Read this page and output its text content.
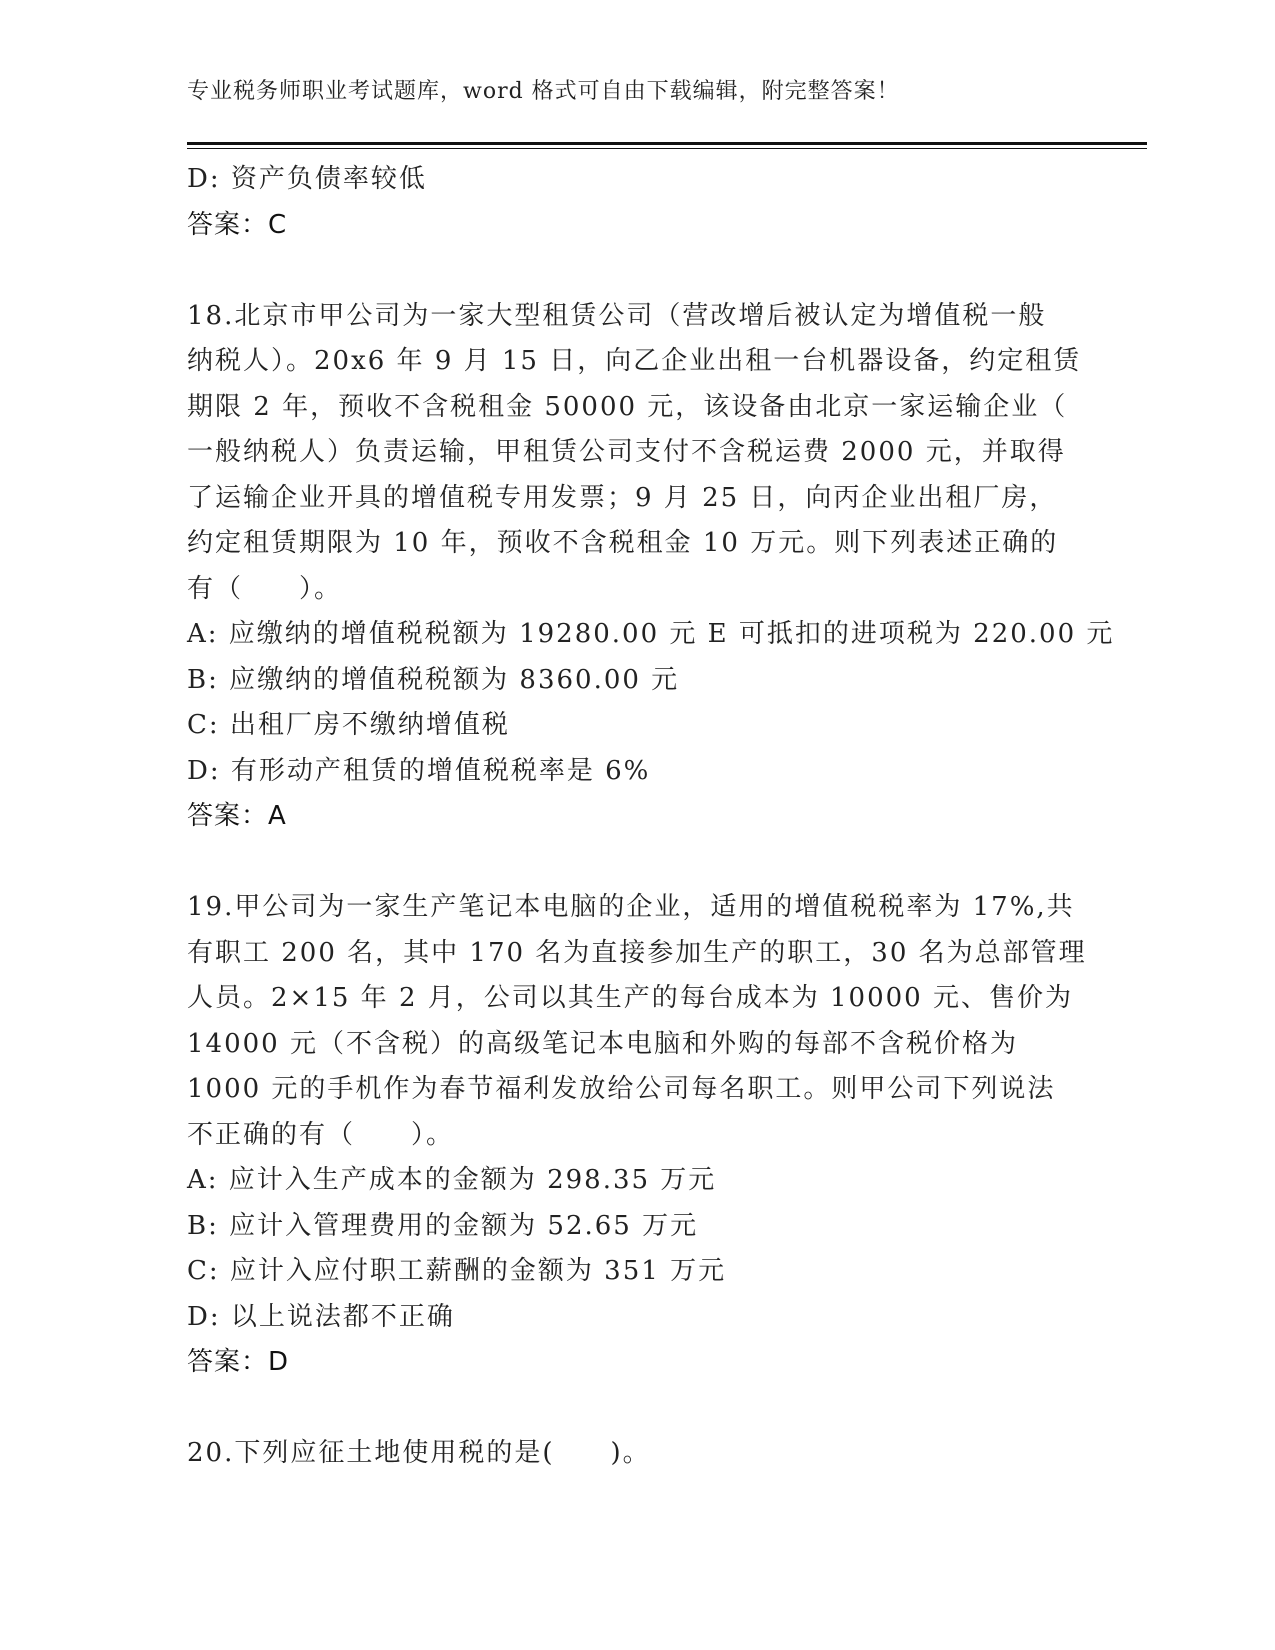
专业税务师职业考试题库，word 格式可自由下载编辑，附完整答案！
D: 资产负债率较低
答案：C
18.北京市甲公司为一家大型租赁公司（营改增后被认定为增值税一般
纳税人）。20x6 年 9 月 15 日，向乙企业出租一台机器设备，约定租赁
期限 2 年，预收不含税租金 50000 元，该设备由北京一家运输企业（
一般纳税人）负责运输，甲租赁公司支付不含税运费 2000 元，并取得
了运输企业开具的增值税专用发票；9 月 25 日，向丙企业出租厂房，
约定租赁期限为 10 年，预收不含税租金 10 万元。则下列表述正确的
有（　　）。
A: 应缴纳的增值税税额为 19280.00 元 E 可抵扣的进项税为 220.00 元
B: 应缴纳的增值税税额为 8360.00 元
C: 出租厂房不缴纳增值税
D: 有形动产租赁的增值税税率是 6%
答案：A
19.甲公司为一家生产笔记本电脑的企业，适用的增值税税率为 17%,共
有职工 200 名，其中 170 名为直接参加生产的职工，30 名为总部管理
人员。2×15 年 2 月，公司以其生产的每台成本为 10000 元、售价为
14000 元（不含税）的高级笔记本电脑和外购的每部不含税价格为
1000 元的手机作为春节福利发放给公司每名职工。则甲公司下列说法
不正确的有（　　）。
A: 应计入生产成本的金额为 298.35 万元
B: 应计入管理费用的金额为 52.65 万元
C: 应计入应付职工薪酬的金额为 351 万元
D: 以上说法都不正确
答案：D
20.下列应征土地使用税的是(　　)。
